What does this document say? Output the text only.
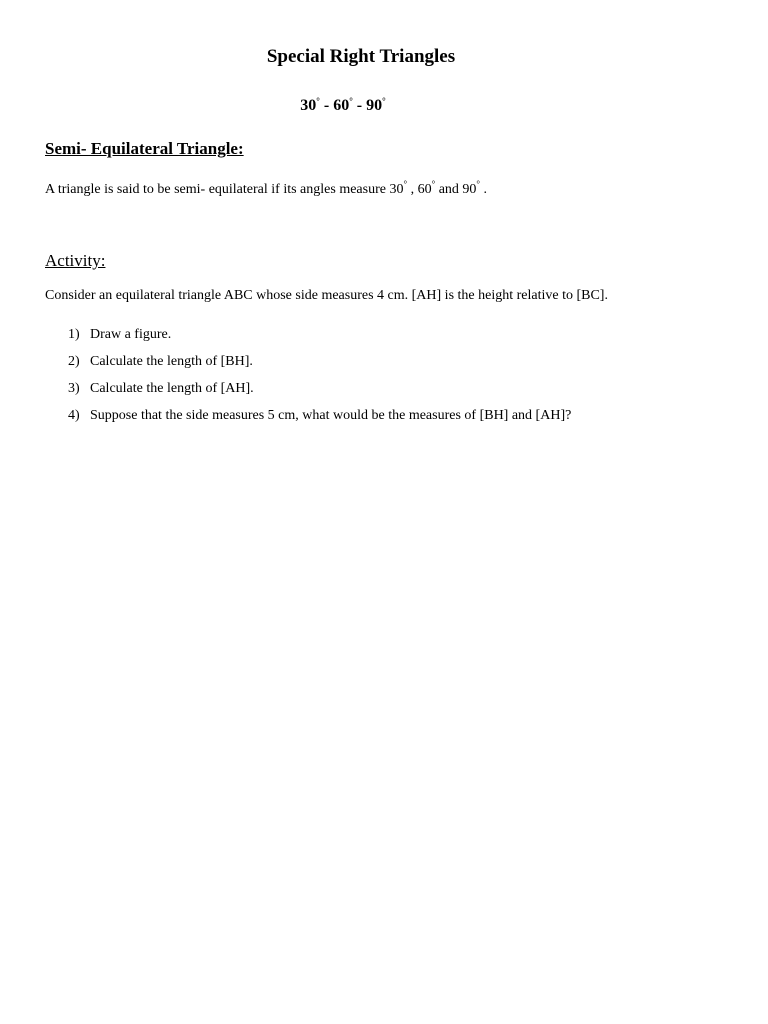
Special Right Triangles
30° - 60° - 90°
Semi- Equilateral Triangle:
A triangle is said to be semi- equilateral if its angles measure 30° , 60° and 90° .
Activity:
Consider an equilateral triangle ABC whose side measures 4 cm. [AH] is the height relative to [BC].
1) Draw a figure.
2) Calculate the length of [BH].
3) Calculate the length of [AH].
4) Suppose that the side measures 5 cm, what would be the measures of [BH] and [AH]?
